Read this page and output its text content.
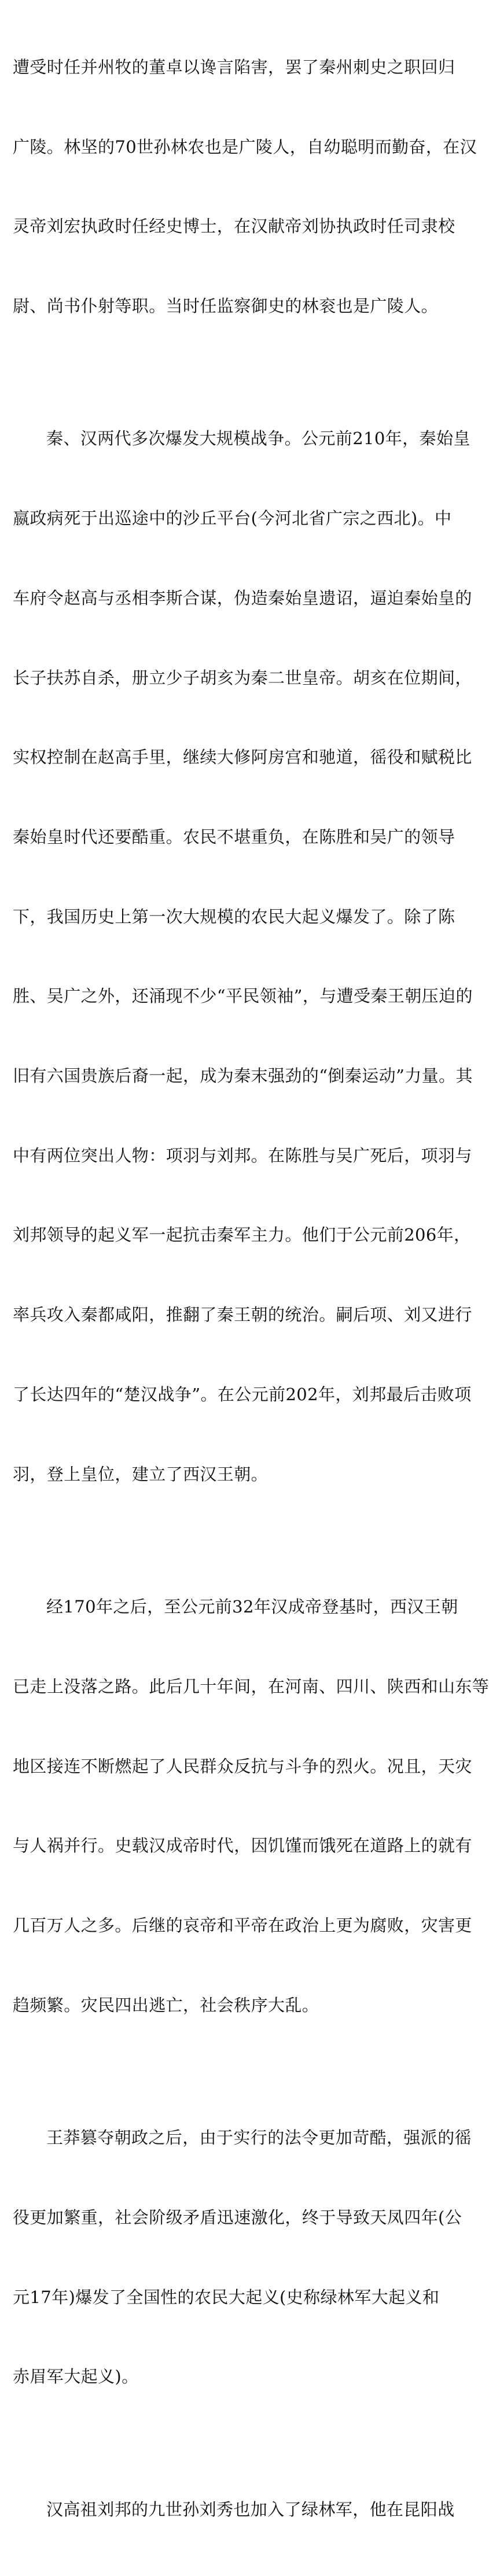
遭受时任并州牧的董卓以谗言陷害，罢了秦州刺史之职回归

广陵。林坚的70世孙林农也是广陵人，自幼聪明而勤奋，在汉

灵帝刘宏执政时任经史博士，在汉献帝刘协执政时任司隶校

尉、尚书仆射等职。当时任监察御史的林衮也是广陵人。

秦、汉两代多次爆发大规模战争。公元前210年，秦始皇

嬴政病死于出巡途中的沙丘平台(今河北省广宗之西北)。中

车府令赵高与丞相李斯合谋，伪造秦始皇遗诏，逼迫秦始皇的

长子扶苏自杀，册立少子胡亥为秦二世皇帝。胡亥在位期间，

实权控制在赵高手里，继续大修阿房宫和驰道，徭役和赋税比

秦始皇时代还要酷重。农民不堪重负，在陈胜和吴广的领导

下，我国历史上第一次大规模的农民大起义爆发了。除了陈

胜、吴广之外，还涌现不少“平民领袖”，与遭受秦王朝压迫的

旧有六国贵族后裔一起，成为秦末强劲的“倒秦运动”力量。其

中有两位突出人物：项羽与刘邦。在陈胜与吴广死后，项羽与

刘邦领导的起义军一起抗击秦军主力。他们于公元前206年，

率兵攻入秦都咸阳，推翻了秦王朝的统治。嗣后项、刘又进行

了长达四年的“楚汉战争”。在公元前202年，刘邦最后击败项

羽，登上皇位，建立了西汉王朝。

经170年之后，至公元前32年汉成帝登基时，西汉王朝

已走上没落之路。此后几十年间，在河南、四川、陕西和山东等

地区接连不断燃起了人民群众反抗与斗争的烈火。况且，天灾

与人祸并行。史载汉成帝时代，因饥馑而饿死在道路上的就有

几百万人之多。后继的哀帝和平帝在政治上更为腐败，灾害更

趋频繁。灾民四出逃亡，社会秩序大乱。

王莽篡夺朝政之后，由于实行的法令更加苛酷，强派的徭

役更加繁重，社会阶级矛盾迅速激化，终于导致天凤四年(公

元17年)爆发了全国性的农民大起义(史称绿林军大起义和

赤眉军大起义)。

汉高祖刘邦的九世孙刘秀也加入了绿林军，他在昆阳战
